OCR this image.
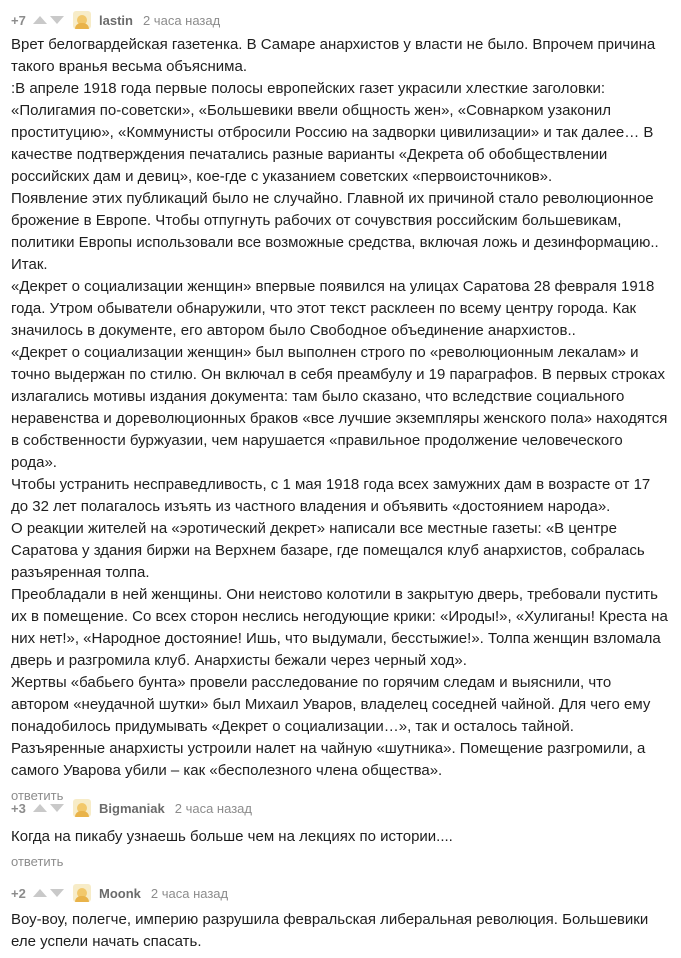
+7	lastin 2 часа назад

Врет белогвардейская газетенка. В Самаре анархистов у власти не было. Впрочем причина такого вранья весьма объяснима.

:В апреле 1918 года первые полосы европейских газет украсили хлесткие заголовки: «Полигамия по-советски», «Большевики ввели общность жен», «Совнарком узаконил проституцию», «Коммунисты отбросили Россию на задворки цивилизации» и так далее… В качестве подтверждения печатались разные варианты «Декрета об обобществлении российских дам и девиц», кое-где с указанием советских «первоисточников».

Появление этих публикаций было не случайно. Главной их причиной стало революционное брожение в Европе. Чтобы отпугнуть рабочих от сочувствия российским большевикам, политики Европы использовали все возможные средства, включая ложь и дезинформацию..

Итак.

«Декрет о социализации женщин» впервые появился на улицах Саратова 28 февраля 1918 года. Утром обыватели обнаружили, что этот текст расклеен по всему центру города. Как значилось в документе, его автором было Свободное объединение анархистов..

«Декрет о социализации женщин» был выполнен строго по «революционным лекалам» и точно выдержан по стилю. Он включал в себя преамбулу и 19 параграфов. В первых строках излагались мотивы издания документа: там было сказано, что вследствие социального неравенства и дореволюционных браков «все лучшие экземпляры женского пола» находятся в собственности буржуазии, чем нарушается «правильное продолжение человеческого рода».

Чтобы устранить несправедливость, с 1 мая 1918 года всех замужних дам в возрасте от 17 до 32 лет полагалось изъять из частного владения и объявить «достоянием народа».

О реакции жителей на «эротический декрет» написали все местные газеты: «В центре Саратова у здания биржи на Верхнем базаре, где помещался клуб анархистов, собралась разъяренная толпа.

Преобладали в ней женщины. Они неистово колотили в закрытую дверь, требовали пустить их в помещение. Со всех сторон неслись негодующие крики: «Ироды!», «Хулиганы! Креста на них нет!», «Народное достояние! Ишь, что выдумали, бесстыжие!». Толпа женщин взломала дверь и разгромила клуб. Анархисты бежали через черный ход».

Жертвы «бабьего бунта» провели расследование по горячим следам и выяснили, что автором «неудачной шутки» был Михаил Уваров, владелец соседней чайной. Для чего ему понадобилось придумывать «Декрет о социализации…», так и осталось тайной.

Разъяренные анархисты устроили налет на чайную «шутника». Помещение разгромили, а самого Уварова убили – как «бесполезного члена общества».

ответить
+3	Bigmaniak 2 часа назад

Когда на пикабу узнаешь больше чем на лекциях по истории....

ответить
+2	Moonk 2 часа назад

Воу-воу, полегче, империю разрушила февральская либеральная революция. Большевики еле успели начать спасать.
